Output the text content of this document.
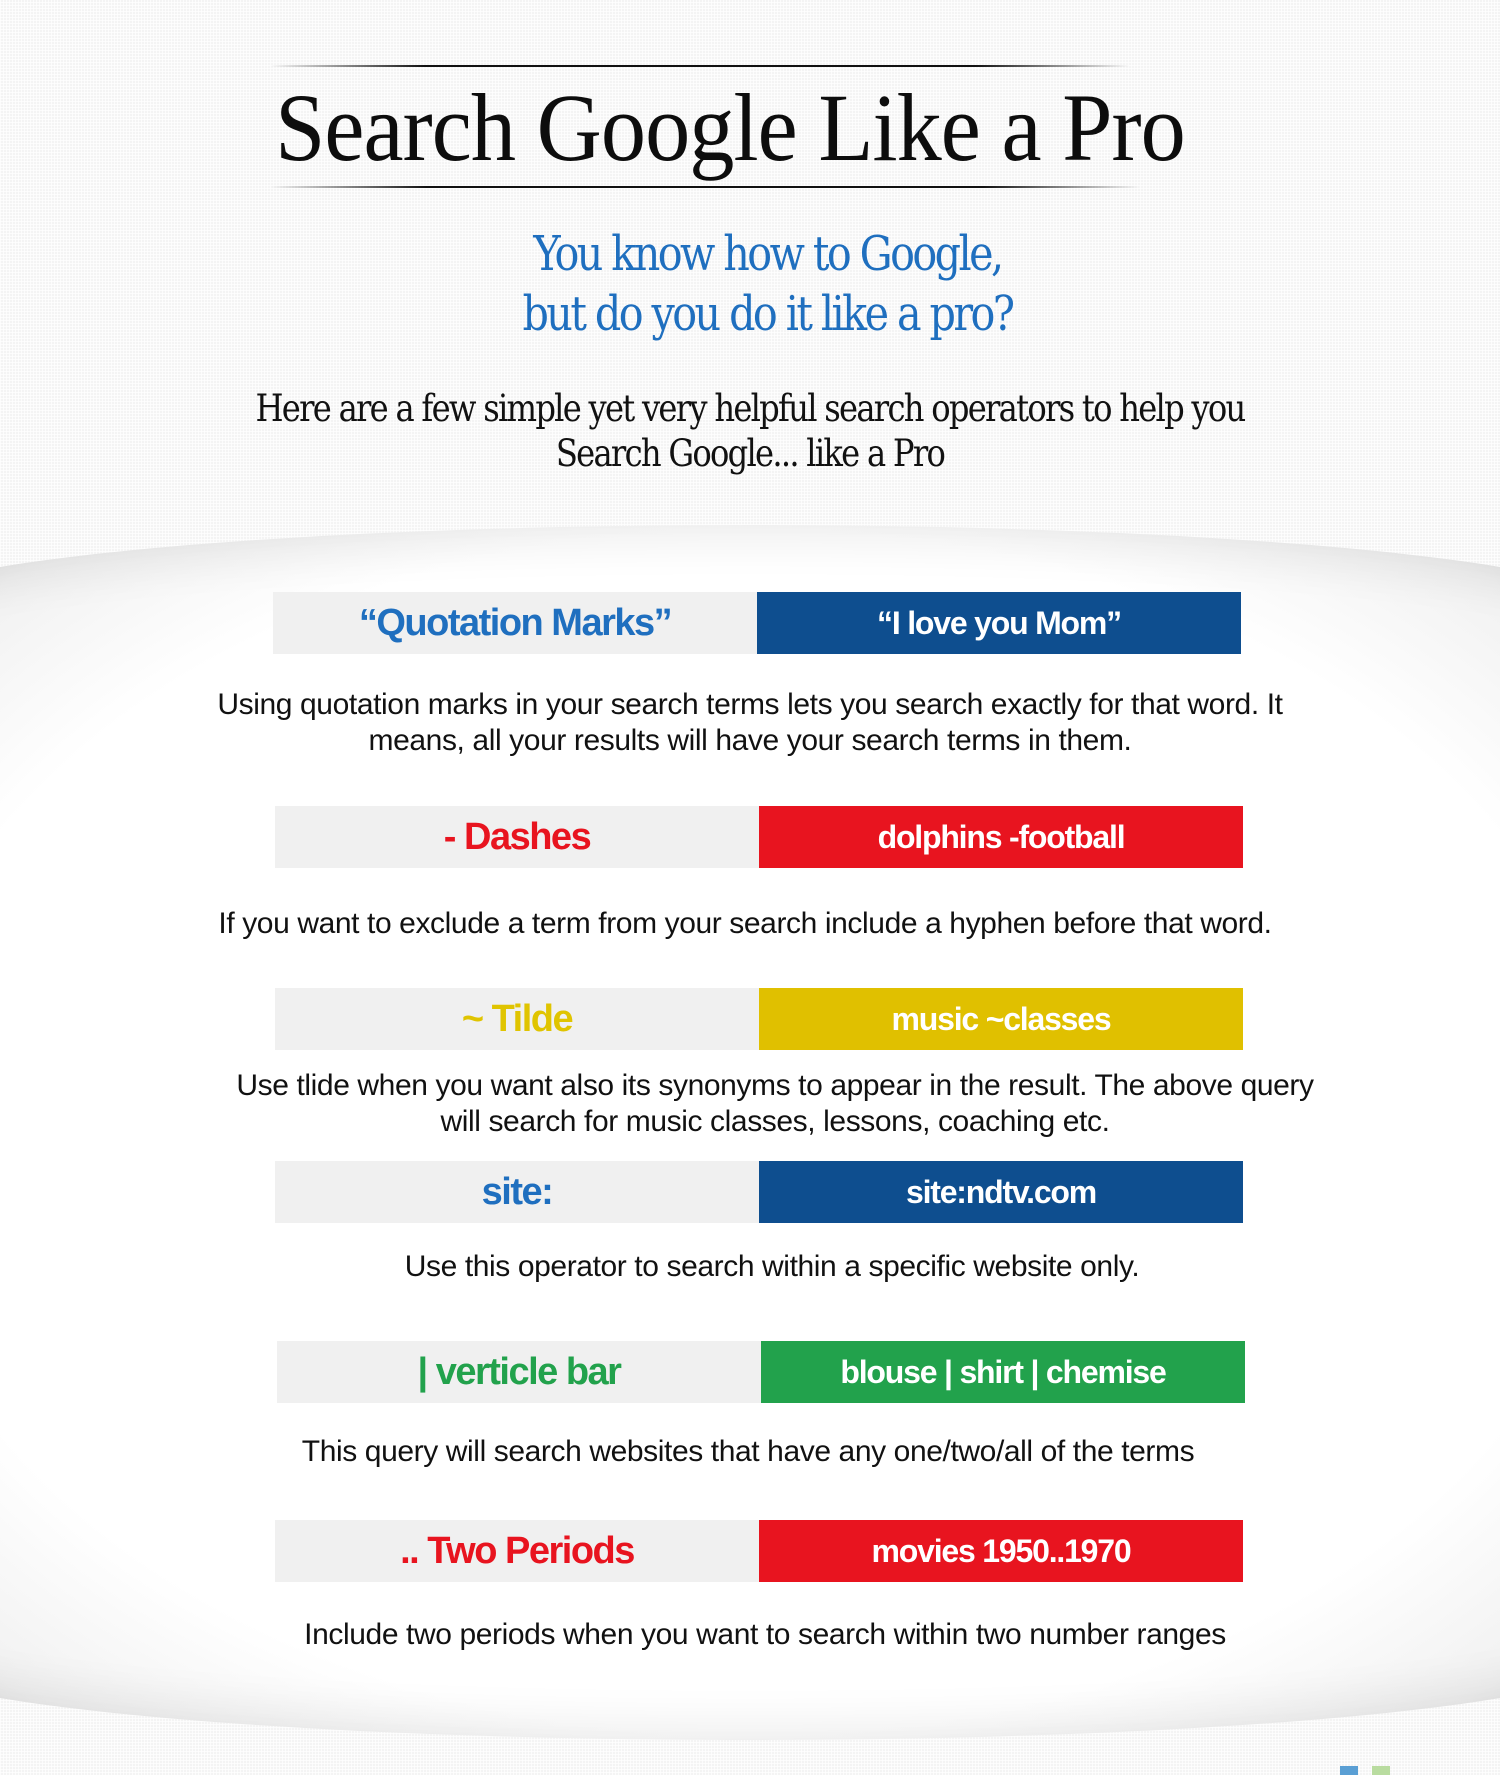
Search Google Like a Pro
You know how to Google,
but do you do it like a pro?
Here are a few simple yet very helpful search operators to help you
Search Google... like a Pro
“Quotation Marks”	“I love you Mom”
Using quotation marks in your search terms lets you search exactly for that word. It
means, all your results will have your search terms in them.
- Dashes	dolphins -football
If you want to exclude a term from your search include a hyphen before that word.
~ Tilde	music ~classes
Use tlide when you want also its synonyms to appear in the result. The above query
will search for music classes, lessons, coaching etc.
site:	site:ndtv.com
Use this operator to search within a specific website only.
| verticle bar	blouse | shirt | chemise
This query will search websites that have any one/two/all of the terms
.. Two Periods	movies 1950..1970
Include two periods when you want to search within two number ranges
